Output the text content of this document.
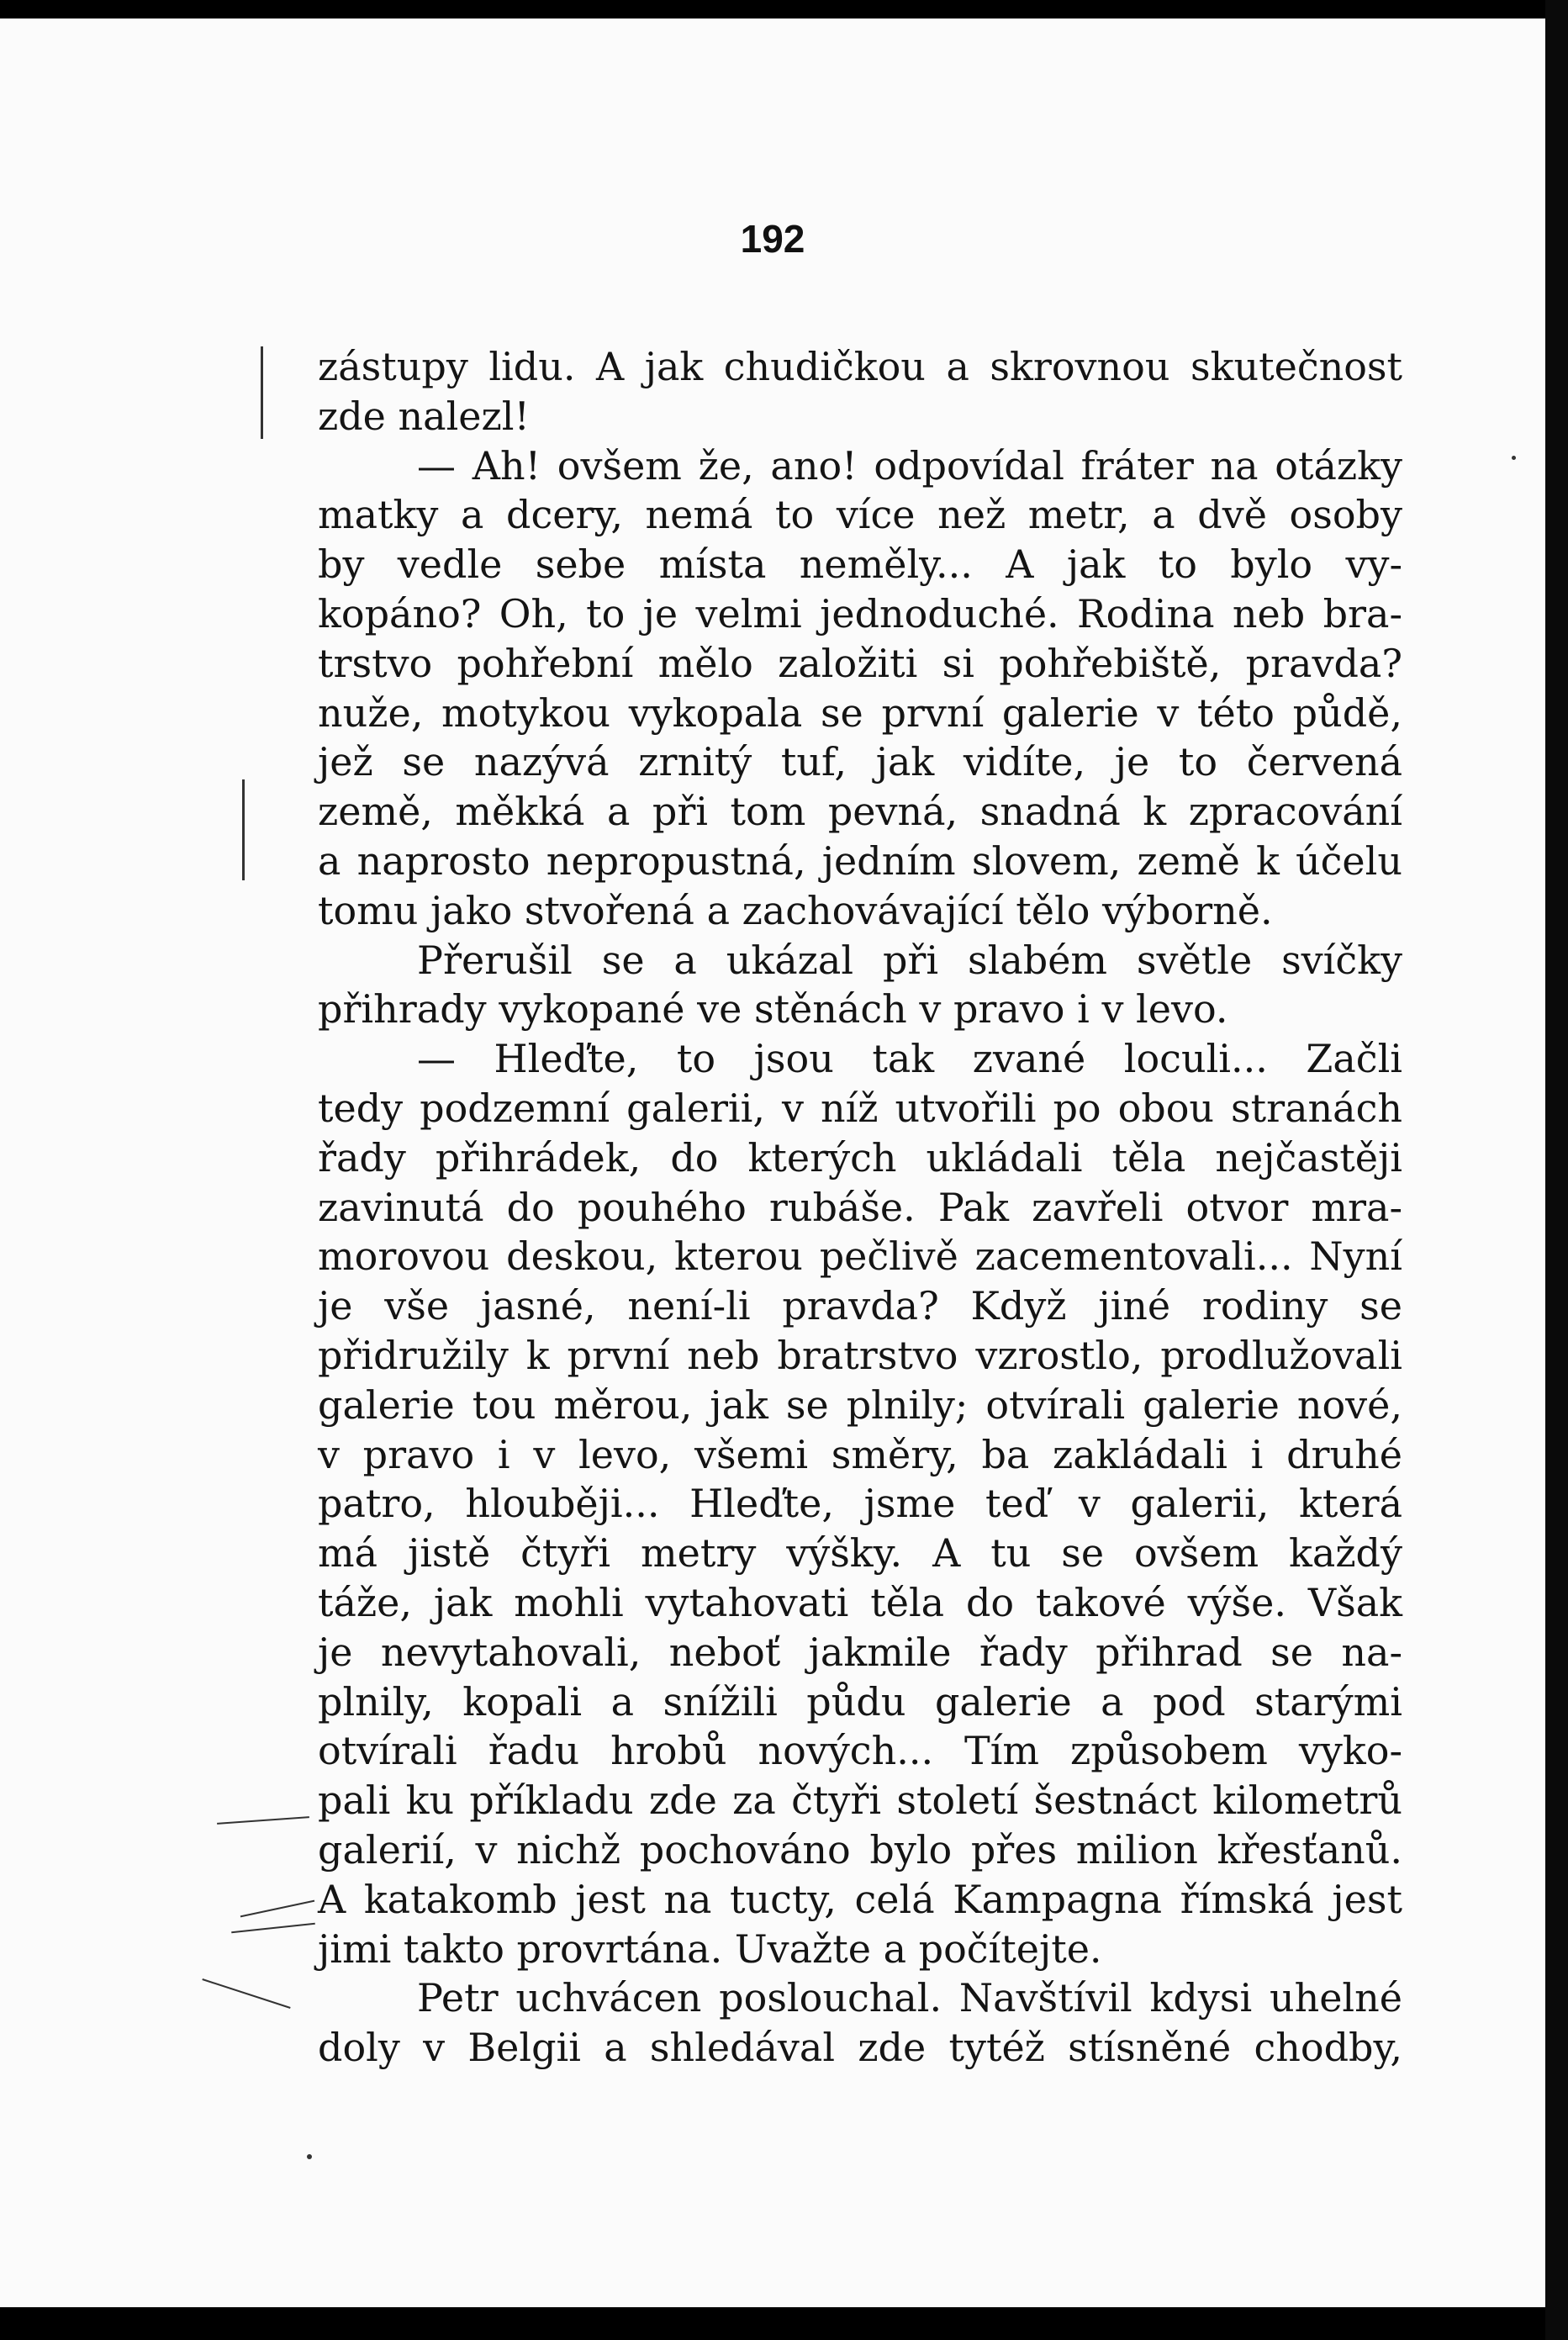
192
zástupy lidu. A jak chudičkou a skrovnou skutečnost
zde nalezl!
— Ah! ovšem že, ano! odpovídal fráter na otázky
matky a dcery, nemá to více než metr, a dvě osoby
by vedle sebe místa neměly... A jak to bylo vy-
kopáno? Oh, to je velmi jednoduché. Rodina neb bra-
trstvo pohřební mělo založiti si pohřebiště, pravda?
nuže, motykou vykopala se první galerie v této půdě,
jež se nazývá zrnitý tuf, jak vidíte, je to červená
země, měkká a při tom pevná, snadná k zpracování
a naprosto nepropustná, jedním slovem, země k účelu
tomu jako stvořená a zachovávající tělo výborně.
Přerušil se a ukázal při slabém světle svíčky
přihrady vykopané ve stěnách v pravo i v levo.
— Hleďte, to jsou tak zvané loculi... Začli
tedy podzemní galerii, v níž utvořili po obou stranách
řady přihrádek, do kterých ukládali těla nejčastěji
zavinutá do pouhého rubáše. Pak zavřeli otvor mra-
morovou deskou, kterou pečlivě zacementovali... Nyní
je vše jasné, není-li pravda? Když jiné rodiny se
přidružily k první neb bratrstvo vzrostlo, prodlužovali
galerie tou měrou, jak se plnily; otvírali galerie nové,
v pravo i v levo, všemi směry, ba zakládali i druhé
patro, hlouběji... Hleďte, jsme teď v galerii, která
má jistě čtyři metry výšky. A tu se ovšem každý
táže, jak mohli vytahovati těla do takové výše. Však
je nevytahovali, neboť jakmile řady přihrad se na-
plnily, kopali a snížili půdu galerie a pod starými
otvírali řadu hrobů nových... Tím způsobem vyko-
pali ku příkladu zde za čtyři století šestnáct kilometrů
galerií, v nichž pochováno bylo přes milion křesťanů.
A katakomb jest na tucty, celá Kampagna římská jest
jimi takto provrtána. Uvažte a počítejte.
Petr uchvácen poslouchal. Navštívil kdysi uhelné
doly v Belgii a shledával zde tytéž stísněné chodby,
